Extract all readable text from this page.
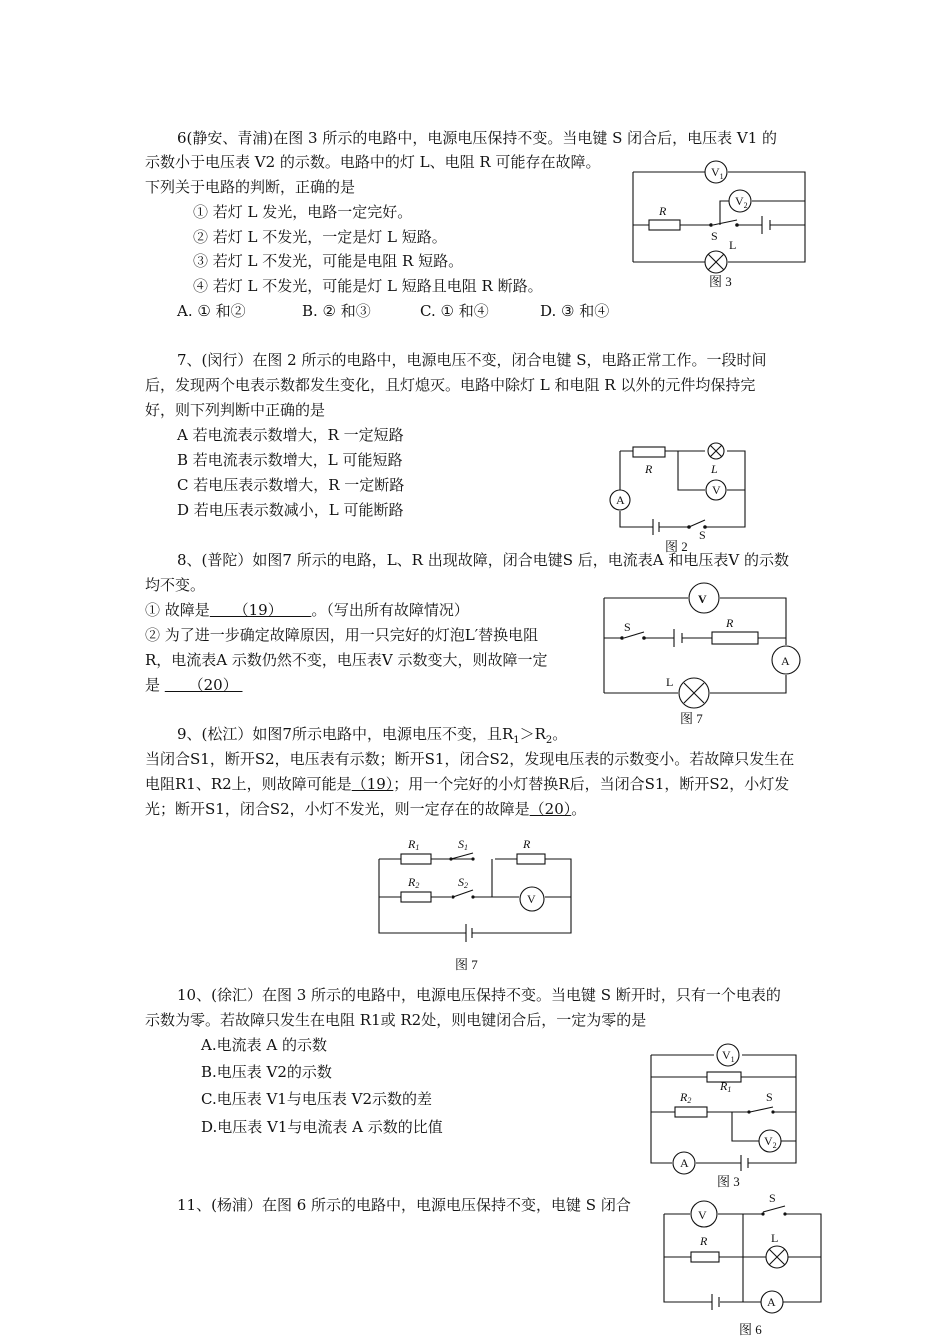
6(静安、青浦)在图 3 所示的电路中，电源电压保持不变。当电键 S 闭合后，电压表 V1 的
示数小于电压表 V2 的示数。电路中的灯 L、电阻 R 可能存在故障。
下列关于电路的判断，正确的是
① 若灯 L 发光，电路一定完好。
② 若灯 L 不发光，一定是灯 L 短路。
③ 若灯 L 不发光，可能是电阻 R 短路。
④ 若灯 L 不发光，可能是灯 L 短路且电阻 R 断路。
A. ① 和②	B. ② 和③	C. ① 和④	D. ③ 和④
$V_1$
$V_2$
R
S
L
图 3
7、(闵行）在图 2 所示的电路中，电源电压不变，闭合电键 S，电路正常工作。一段时间
后，发现两个电表示数都发生变化，且灯熄灭。电路中除灯 L 和电阻 R 以外的元件均保持完
好，则下列判断中正确的是
A 若电流表示数增大，R 一定短路
B 若电流表示数增大，L 可能短路
C 若电压表示数增大，R 一定断路
D 若电压表示数减小，L 可能断路
R	L
V
A
S
图 2
8、(普陀）如图7 所示的电路，L、R 出现故障，闭合电键S 后，电流表A 和电压表V 的示数
均不变。
① 故障是     （19）      。（写出所有故障情况）
② 为了进一步确定故障原因，用一只完好的灯泡L′替换电阻
R，电流表A 示数仍然不变，电压表V 示数变大，则故障一定
是      （20）
V
S	R
A
L
图 7
9、(松江）如图7所示电路中，电源电压不变，且$R_1>R_2$。
当闭合S1，断开S2，电压表有示数；断开S1，闭合S2，发现电压表的示数变小。若故障只发生在
电阻R1、R2上，则故障可能是（19）；用一个完好的小灯替换R后，当闭合S1，断开S2，小灯发
光；断开S1，闭合S2，小灯不发光，则一定存在的故障是（20）。
R1	S1	R
R2	S2
V
图 7
10、(徐汇）在图 3 所示的电路中，电源电压保持不变。当电键 S 断开时，只有一个电表的
示数为零。若故障只发生在电阻 R1或 R2处，则电键闭合后，一定为零的是
A.电流表 A 的示数
B.电压表 V2的示数
C.电压表 V1与电压表 V2示数的差
D.电压表 V1与电流表 A 示数的比值
$V_1$
R1
R2	S
$V_2$
A
图 3
11、(杨浦）在图 6 所示的电路中，电源电压保持不变，电键 S 闭合
V
S
R	L
A
图 6
